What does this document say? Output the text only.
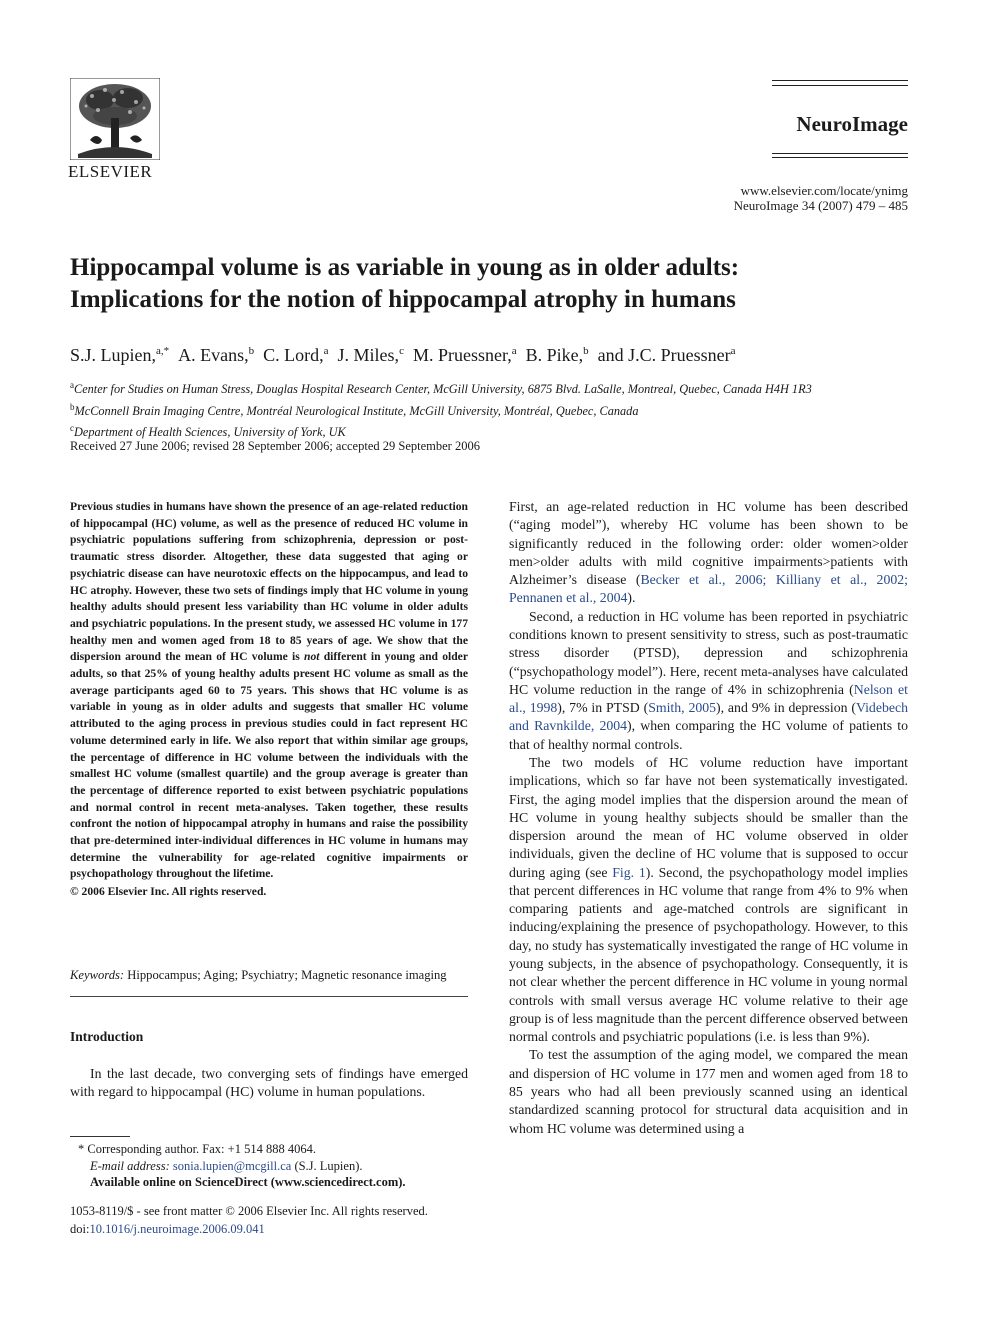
ELSEVIER
NeuroImage
www.elsevier.com/locate/ynimg
NeuroImage 34 (2007) 479 – 485
Hippocampal volume is as variable in young as in older adults:
Implications for the notion of hippocampal atrophy in humans
S.J. Lupien,$^{a,*}$ A. Evans,$^b$ C. Lord,$^a$ J. Miles,$^c$ M. Pruessner,$^a$ B. Pike,$^b$ and J.C. Pruessner$^a$
$^a$Center for Studies on Human Stress, Douglas Hospital Research Center, McGill University, 6875 Blvd. LaSalle, Montreal, Quebec, Canada H4H 1R3
$^b$McConnell Brain Imaging Centre, Montréal Neurological Institute, McGill University, Montréal, Quebec, Canada
$^c$Department of Health Sciences, University of York, UK
Received 27 June 2006; revised 28 September 2006; accepted 29 September 2006
Previous studies in humans have shown the presence of an age-related reduction of hippocampal (HC) volume, as well as the presence of reduced HC volume in psychiatric populations suffering from schizophrenia, depression or post-traumatic stress disorder. Altogether, these data suggested that aging or psychiatric disease can have neurotoxic effects on the hippocampus, and lead to HC atrophy. However, these two sets of findings imply that HC volume in young healthy adults should present less variability than HC volume in older adults and psychiatric populations. In the present study, we assessed HC volume in 177 healthy men and women aged from 18 to 85 years of age. We show that the dispersion around the mean of HC volume is not different in young and older adults, so that 25% of young healthy adults present HC volume as small as the average participants aged 60 to 75 years. This shows that HC volume is as variable in young as in older adults and suggests that smaller HC volume attributed to the aging process in previous studies could in fact represent HC volume determined early in life. We also report that within similar age groups, the percentage of difference in HC volume between the individuals with the smallest HC volume (smallest quartile) and the group average is greater than the percentage of difference reported to exist between psychiatric populations and normal control in recent meta-analyses. Taken together, these results confront the notion of hippocampal atrophy in humans and raise the possibility that pre-determined inter-individual differences in HC volume in humans may determine the vulnerability for age-related cognitive impairments or psychopathology throughout the lifetime.
© 2006 Elsevier Inc. All rights reserved.
Keywords: Hippocampus; Aging; Psychiatry; Magnetic resonance imaging
Introduction
In the last decade, two converging sets of findings have emerged with regard to hippocampal (HC) volume in human populations.
* Corresponding author. Fax: +1 514 888 4064.
E-mail address: sonia.lupien@mcgill.ca (S.J. Lupien).
Available online on ScienceDirect (www.sciencedirect.com).
1053-8119/$ - see front matter © 2006 Elsevier Inc. All rights reserved.
doi:10.1016/j.neuroimage.2006.09.041

First, an age-related reduction in HC volume has been described (“aging model”), whereby HC volume has been shown to be significantly reduced in the following order: older women>older men>older adults with mild cognitive impairments>patients with Alzheimer’s disease (Becker et al., 2006; Killiany et al., 2002; Pennanen et al., 2004).

Second, a reduction in HC volume has been reported in psychiatric conditions known to present sensitivity to stress, such as post-traumatic stress disorder (PTSD), depression and schizophrenia (“psychopathology model”). Here, recent meta-analyses have calculated HC volume reduction in the range of 4% in schizophrenia (Nelson et al., 1998), 7% in PTSD (Smith, 2005), and 9% in depression (Videbech and Ravnkilde, 2004), when comparing the HC volume of patients to that of healthy normal controls.

The two models of HC volume reduction have important implications, which so far have not been systematically investigated. First, the aging model implies that the dispersion around the mean of HC volume in young healthy subjects should be smaller than the dispersion around the mean of HC volume observed in older individuals, given the decline of HC volume that is supposed to occur during aging (see Fig. 1). Second, the psychopathology model implies that percent differences in HC volume that range from 4% to 9% when comparing patients and age-matched controls are significant in inducing/explaining the presence of psychopathology. However, to this day, no study has systematically investigated the range of HC volume in young subjects, in the absence of psychopathology. Consequently, it is not clear whether the percent difference in HC volume in young normal controls with small versus average HC volume relative to their age group is of less magnitude than the percent difference observed between normal controls and psychiatric populations (i.e. is less than 9%).

To test the assumption of the aging model, we compared the mean and dispersion of HC volume in 177 men and women aged from 18 to 85 years who had all been previously scanned using an identical standardized scanning protocol for structural data acquisition and in whom HC volume was determined using a
